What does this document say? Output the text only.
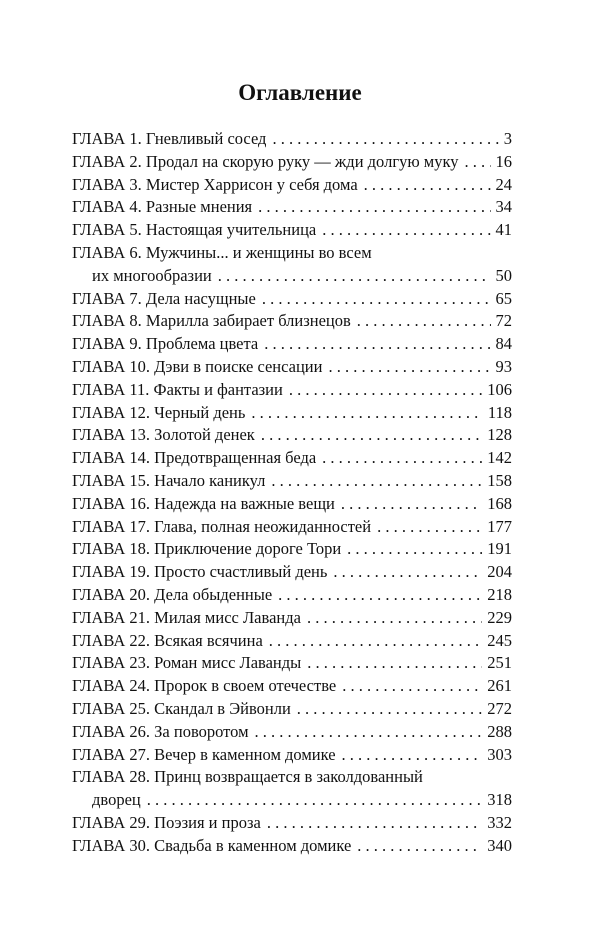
Оглавление
ГЛАВА 1. Гневливый сосед . . .	3
ГЛАВА 2. Продал на скорую руку — жди долгую муку . . . 16
ГЛАВА 3. Мистер Харрисон у себя дома . . .	24
ГЛАВА 4. Разные мнения . . .	34
ГЛАВА 5. Настоящая учительница . . .	41
ГЛАВА 6. Мужчины... и женщины во всем
их многообразии . . .	50
ГЛАВА 7. Дела насущные . . .	65
ГЛАВА 8. Марилла забирает близнецов . . .	72
ГЛАВА 9. Проблема цвета . . .	84
ГЛАВА 10. Дэви в поиске сенсации . . .	93
ГЛАВА 11. Факты и фантазии . . .	106
ГЛАВА 12. Черный день . . .	118
ГЛАВА 13. Золотой денек . . .	128
ГЛАВА 14. Предотвращенная беда . . .	142
ГЛАВА 15. Начало каникул . . .	158
ГЛАВА 16. Надежда на важные вещи . . .	168
ГЛАВА 17. Глава, полная неожиданностей . . .	177
ГЛАВА 18. Приключение дороге Тори . . .	191
ГЛАВА 19. Просто счастливый день . . .	204
ГЛАВА 20. Дела обыденные . . .	218
ГЛАВА 21. Милая мисс Лаванда . . .	229
ГЛАВА 22. Всякая всячина . . .	245
ГЛАВА 23. Роман мисс Лаванды . . .	251
ГЛАВА 24. Пророк в своем отечестве . . .	261
ГЛАВА 25. Скандал в Эйвонли . . .	272
ГЛАВА 26. За поворотом . . .	288
ГЛАВА 27. Вечер в каменном домике . . .	303
ГЛАВА 28. Принц возвращается в заколдованный
дворец . . .	318
ГЛАВА 29. Поэзия и проза . . .	332
ГЛАВА 30. Свадьба в каменном домике . . .	340
